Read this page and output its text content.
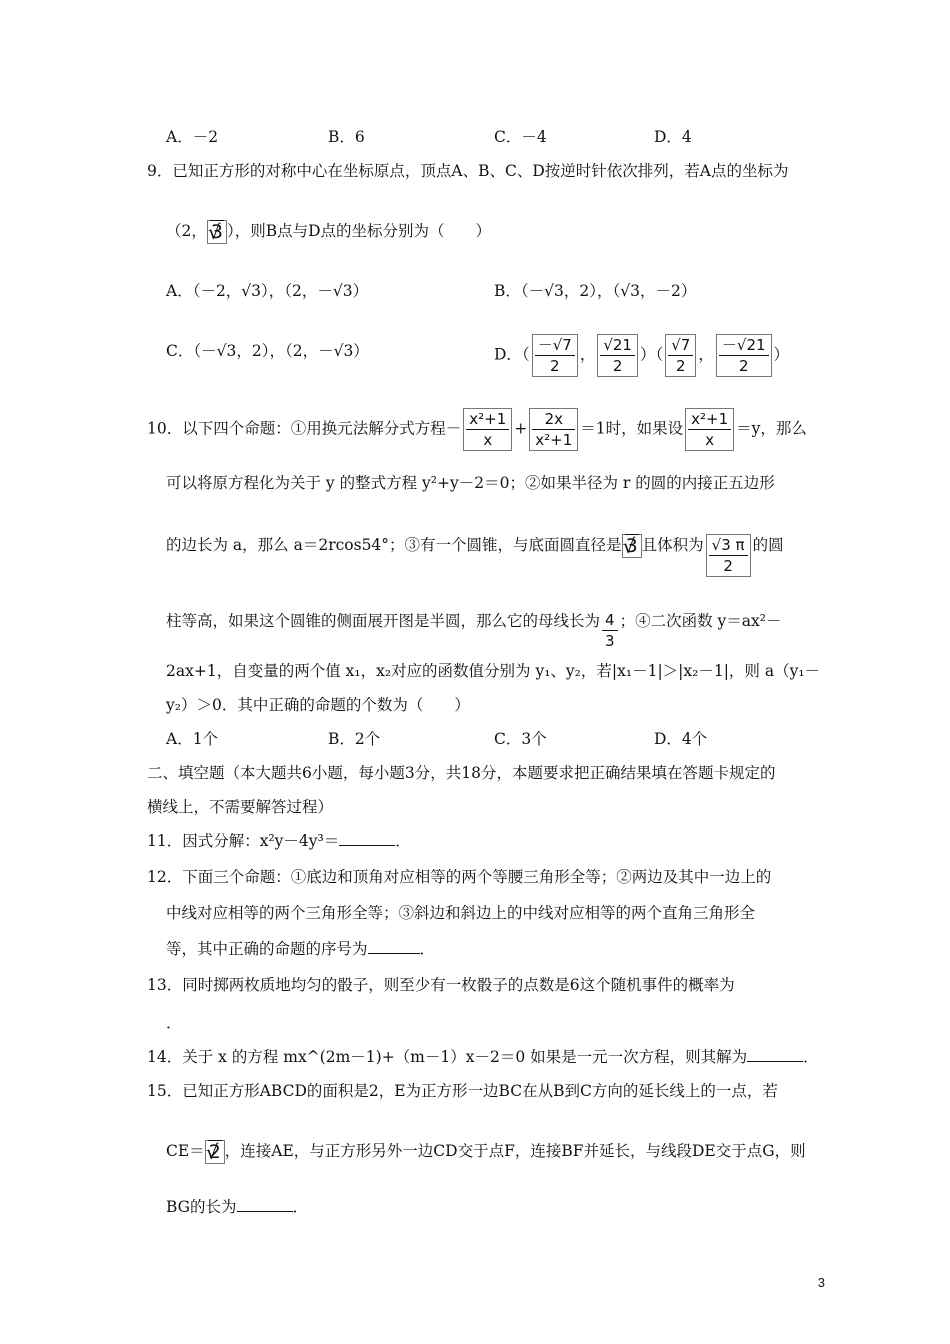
A．－2	B．6	C．－4	D．4
9．已知正方形的对称中心在坐标原点，顶点A、B、C、D按逆时针依次排列，若A点的坐标为
（2， √ 3 ），则B点与D点的坐标分别为（　　）
A．（－2，√3），（2，－√3）	B．（－√3，2），（√3，－2）
C．（－√3，2），（2，－√3）	D．（ $\frac{-√7}{2}$ ， $\frac{√21}{2}$ ）（ $\frac{√7}{2}$ ， $\frac{-√21}{2}$ ）
10．以下四个命题：①用换元法解分式方程－ $\frac{\text{x²+1}}{x} + \frac{2x}{\text{x²+1}} =1$时，如果设 $\frac{\text{x²+1}}{x} =y$，那么
可以将原方程化为关于 y 的整式方程 y²+y－2＝0；②如果半径为 r 的圆的内接正五边形
的边长为 a，那么 a＝2rcos54°；③有一个圆锥，与底面圆直径是 √ 3 且体积为 $\frac{√3 \pi}{2}$ 的圆
柱等高，如果这个圆锥的侧面展开图是半圆，那么它的母线长为 $\frac{4}{3}$ ；④二次函数 y＝ax²－
2ax+1，自变量的两个值 x₁，x₂对应的函数值分别为 y₁、y₂，若|x₁－1|＞|x₂－1|，则 a（y₁－
y₂）＞0．其中正确的命题的个数为（　　）
A．1个	B．2个	C．3个	D．4个
二、填空题（本大题共6小题，每小题3分，共18分，本题要求把正确结果填在答题卡规定的
横线上，不需要解答过程）
11．因式分解：x²y－4y³＝	．
12．下面三个命题：①底边和顶角对应相等的两个等腰三角形全等；②两边及其中一边上的
中线对应相等的两个三角形全等；③斜边和斜边上的中线对应相等的两个直角三角形全
等，其中正确的命题的序号为	．
13．同时掷两枚质地均匀的骰子，则至少有一枚骰子的点数是6这个随机事件的概率为
．
14．关于 x 的方程 mx^(2m－1)+（m－1）x－2＝0 如果是一元一次方程，则其解为	．
15．已知正方形ABCD的面积是2，E为正方形一边BC在从B到C方向的延长线上的一点，若
CE＝ √ 2 ，连接AE，与正方形另外一边CD交于点F，连接BF并延长，与线段DE交于点G，则
BG的长为	．
3
